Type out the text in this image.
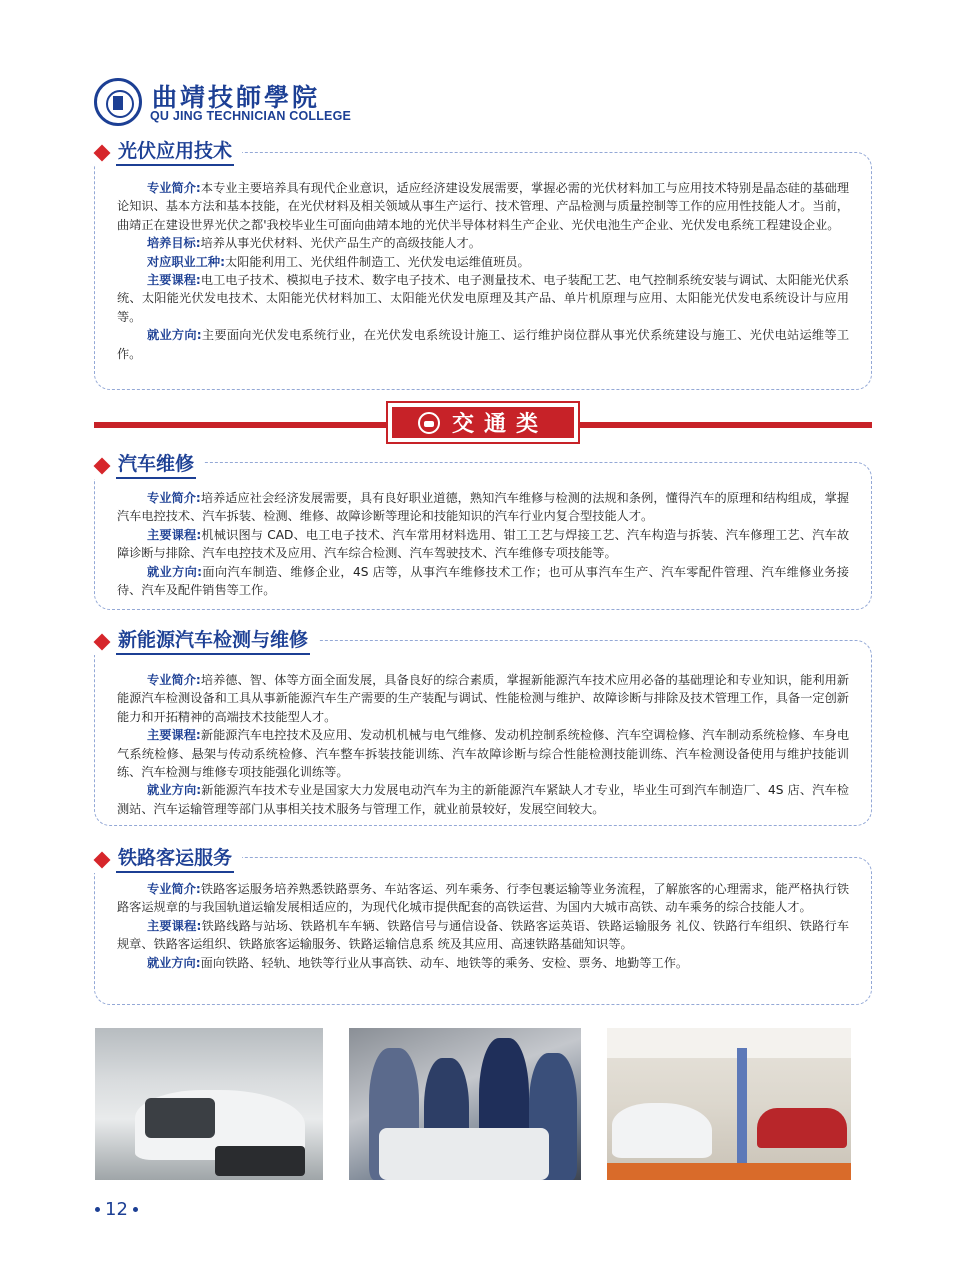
曲靖技師學院
QU JING TECHNICIAN COLLEGE
光伏应用技术

专业简介:本专业主要培养具有现代企业意识，适应经济建设发展需要，掌握必需的光伏材料加工与应用技术特别是晶态硅的基础理论知识、基本方法和基本技能，在光伏材料及相关领域从事生产运行、技术管理、产品检测与质量控制等工作的应用性技能人才。当前，曲靖正在建设世界光伏之都'我校毕业生可面向曲靖本地的光伏半导体材料生产企业、光伏电池生产企业、光伏发电系统工程建设企业。

培养目标:培养从事光伏材料、光伏产品生产的高级技能人才。

对应职业工种:太阳能利用工、光伏组件制造工、光伏发电运维值班员。

主要课程:电工电子技术、模拟电子技术、数字电子技术、电子测量技术、电子装配工艺、电气控制系统安装与调试、太阳能光伏系统、太阳能光伏发电技术、太阳能光伏材料加工、太阳能光伏发电原理及其产品、单片机原理与应用、太阳能光伏发电系统设计与应用等。

就业方向:主要面向光伏发电系统行业，在光伏发电系统设计施工、运行维护岗位群从事光伏系统建设与施工、光伏电站运维等工作。

交通类
汽车维修

专业简介:培养适应社会经济发展需要，具有良好职业道德，熟知汽车维修与检测的法规和条例，懂得汽车的原理和结构组成，掌握汽车电控技术、汽车拆装、检测、维修、故障诊断等理论和技能知识的汽车行业内复合型技能人才。

主要课程:机械识图与 CAD、电工电子技术、汽车常用材料选用、钳工工艺与焊接工艺、汽车构造与拆装、汽车修理工艺、汽车故障诊断与排除、汽车电控技术及应用、汽车综合检测、汽车驾驶技术、汽车维修专项技能等。

就业方向:面向汽车制造、维修企业，4S 店等，从事汽车维修技术工作；也可从事汽车生产、汽车零配件管理、汽车维修业务接待、汽车及配件销售等工作。

新能源汽车检测与维修

专业简介:培养德、智、体等方面全面发展，具备良好的综合素质，掌握新能源汽车技术应用必备的基础理论和专业知识，能利用新能源汽车检测设备和工具从事新能源汽车生产需要的生产装配与调试、性能检测与维护、故障诊断与排除及技术管理工作，具备一定创新能力和开拓精神的高端技术技能型人才。

主要课程:新能源汽车电控技术及应用、发动机机械与电气维修、发动机控制系统检修、汽车空调检修、汽车制动系统检修、车身电气系统检修、悬架与传动系统检修、汽车整车拆装技能训练、汽车故障诊断与综合性能检测技能训练、汽车检测设备使用与维护技能训练、汽车检测与维修专项技能强化训练等。

就业方向:新能源汽车技术专业是国家大力发展电动汽车为主的新能源汽车紧缺人才专业，毕业生可到汽车制造厂、4S 店、汽车检测站、汽车运输管理等部门从事相关技术服务与管理工作，就业前景较好，发展空间较大。

铁路客运服务

专业简介:铁路客运服务培养熟悉铁路票务、车站客运、列车乘务、行李包裹运输等业务流程，了解旅客的心理需求，能严格执行铁路客运规章的与我国轨道运输发展相适应的，为现代化城市提供配套的高铁运营、为国内大城市高铁、动车乘务的综合技能人才。

主要课程:铁路线路与站场、铁路机车车辆、铁路信号与通信设备、铁路客运英语、铁路运输服务 礼仪、铁路行车组织、铁路行车规章、铁路客运组织、铁路旅客运输服务、铁路运输信息系 统及其应用、高速铁路基础知识等。

就业方向:面向铁路、轻轨、地铁等行业从事高铁、动车、地铁等的乘务、安检、票务、地勤等工作。

12
